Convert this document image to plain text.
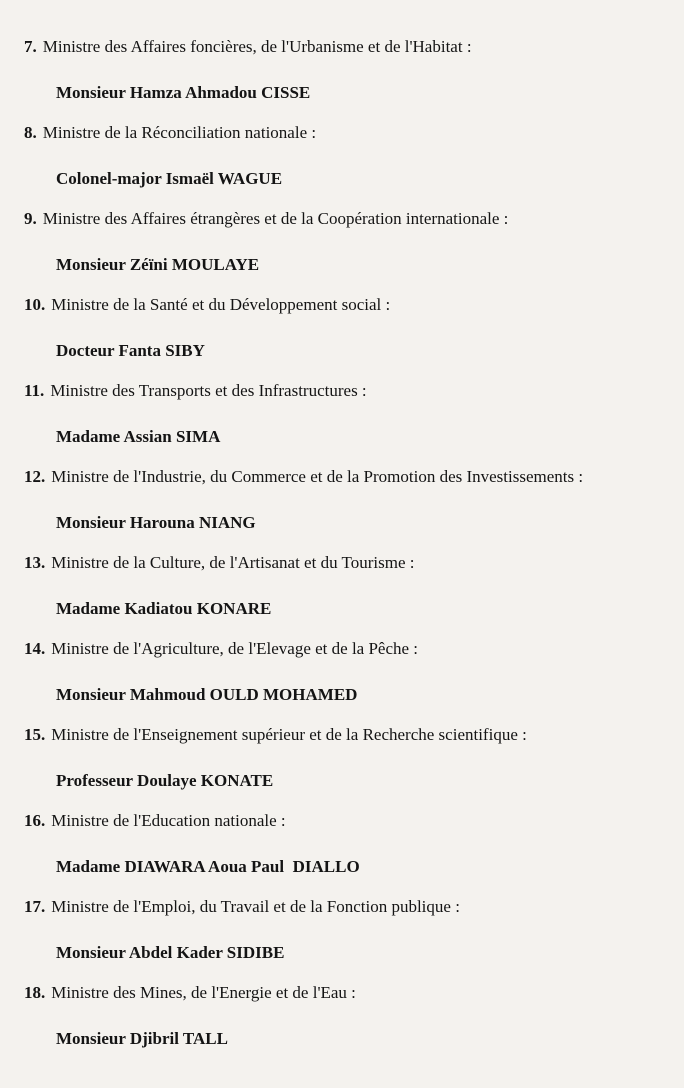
7. Ministre des Affaires foncières, de l'Urbanisme et de l'Habitat :
Monsieur Hamza Ahmadou CISSE
8. Ministre de la Réconciliation nationale :
Colonel-major Ismaël WAGUE
9. Ministre des Affaires étrangères et de la Coopération internationale :
Monsieur Zéïni MOULAYE
10. Ministre de la Santé et du Développement social :
Docteur Fanta SIBY
11. Ministre des Transports et des Infrastructures :
Madame Assian SIMA
12. Ministre de l'Industrie, du Commerce et de la Promotion des Investissements :
Monsieur Harouna NIANG
13. Ministre de la Culture, de l'Artisanat et du Tourisme :
Madame Kadiatou KONARE
14. Ministre de l'Agriculture, de l'Elevage et de la Pêche :
Monsieur Mahmoud OULD MOHAMED
15. Ministre de l'Enseignement supérieur et de la Recherche scientifique :
Professeur Doulaye KONATE
16. Ministre de l'Education nationale :
Madame DIAWARA Aoua Paul  DIALLO
17. Ministre de l'Emploi, du Travail et de la Fonction publique :
Monsieur Abdel Kader SIDIBE
18. Ministre des Mines, de l'Energie et de l'Eau :
Monsieur Djibril TALL
